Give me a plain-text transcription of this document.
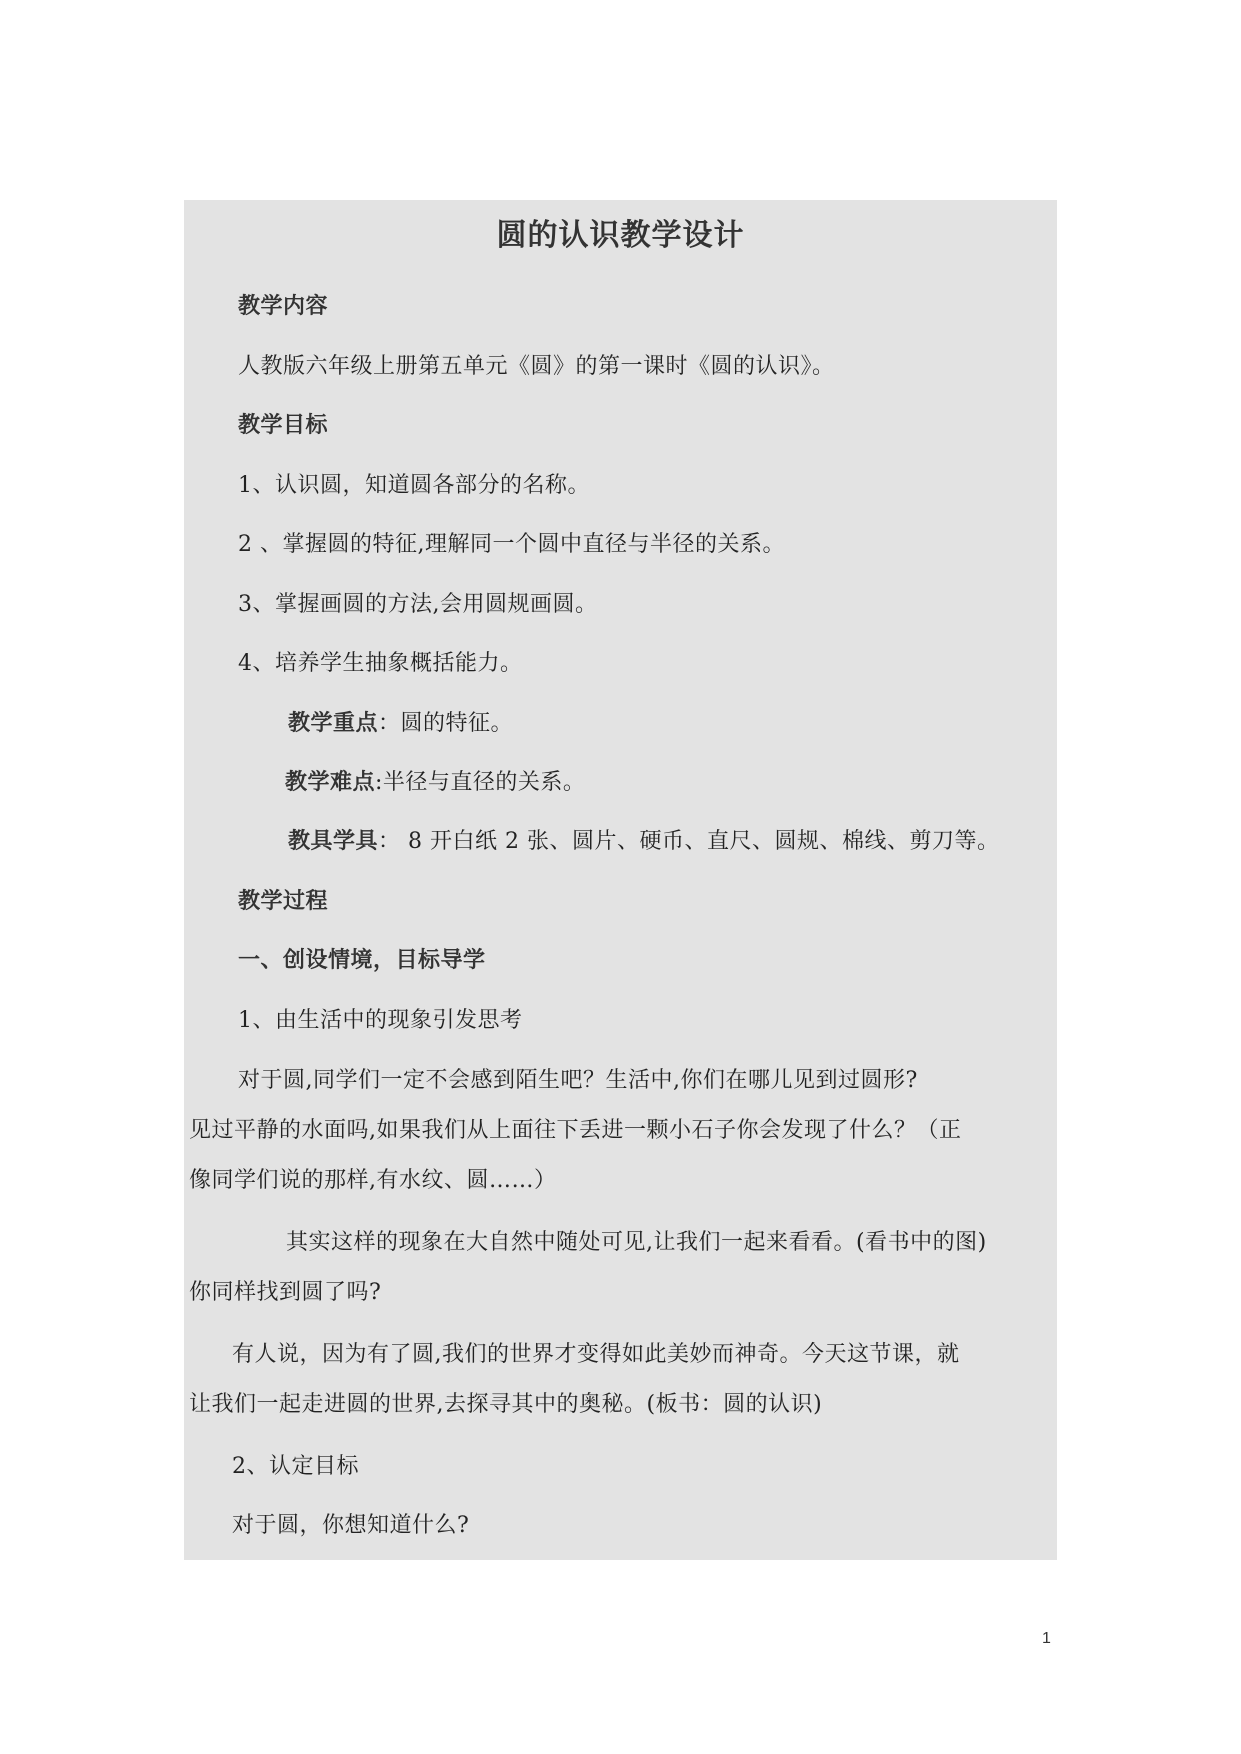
圆的认识教学设计
教学内容
人教版六年级上册第五单元《圆》的第一课时《圆的认识》。
教学目标
1、认识圆，知道圆各部分的名称。
2 、掌握圆的特征,理解同一个圆中直径与半径的关系。
3、掌握画圆的方法,会用圆规画圆。
4、培养学生抽象概括能力。
教学重点：圆的特征。
教学难点:半径与直径的关系。
教具学具： 8 开白纸 2 张、圆片、硬币、直尺、圆规、棉线、剪刀等。
教学过程
一、创设情境，目标导学
1、由生活中的现象引发思考
对于圆,同学们一定不会感到陌生吧？生活中,你们在哪儿见到过圆形?
见过平静的水面吗,如果我们从上面往下丢进一颗小石子你会发现了什么？（正
像同学们说的那样,有水纹、圆……）
其实这样的现象在大自然中随处可见,让我们一起来看看。(看书中的图)
你同样找到圆了吗?
有人说，因为有了圆,我们的世界才变得如此美妙而神奇。今天这节课，就
让我们一起走进圆的世界,去探寻其中的奥秘。(板书：圆的认识)
2、认定目标
对于圆，你想知道什么?
1
